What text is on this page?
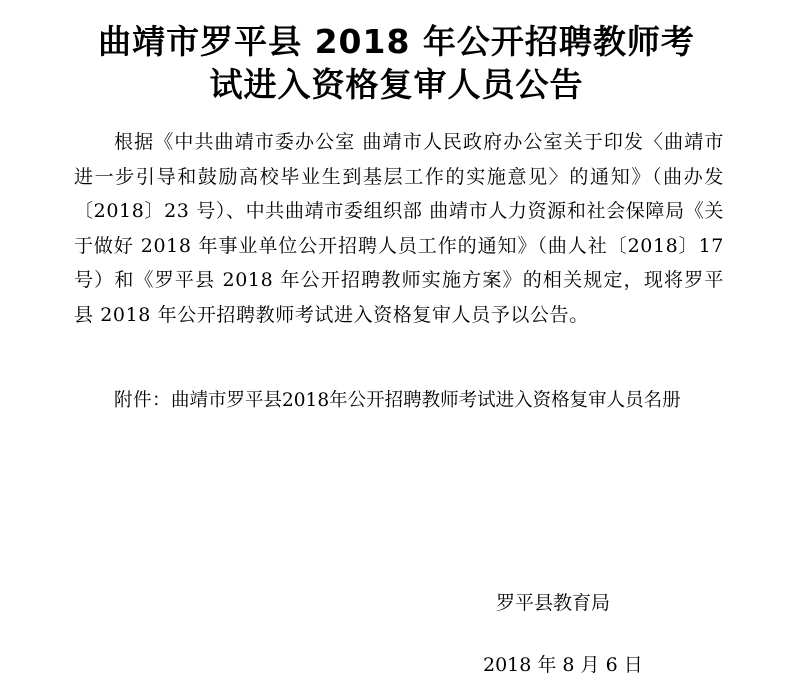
曲靖市罗平县 2018 年公开招聘教师考
试进入资格复审人员公告

根据《中共曲靖市委办公室 曲靖市人民政府办公室关于印发〈曲靖市进一步引导和鼓励高校毕业生到基层工作的实施意见〉的通知》（曲办发〔2018〕23 号）、中共曲靖市委组织部 曲靖市人力资源和社会保障局《关于做好 2018 年事业单位公开招聘人员工作的通知》（曲人社〔2018〕17 号）和《罗平县 2018 年公开招聘教师实施方案》的相关规定，现将罗平县 2018 年公开招聘教师考试进入资格复审人员予以公告。

附件：曲靖市罗平县2018年公开招聘教师考试进入资格复审人员名册
罗平县教育局
2018 年 8 月 6 日
